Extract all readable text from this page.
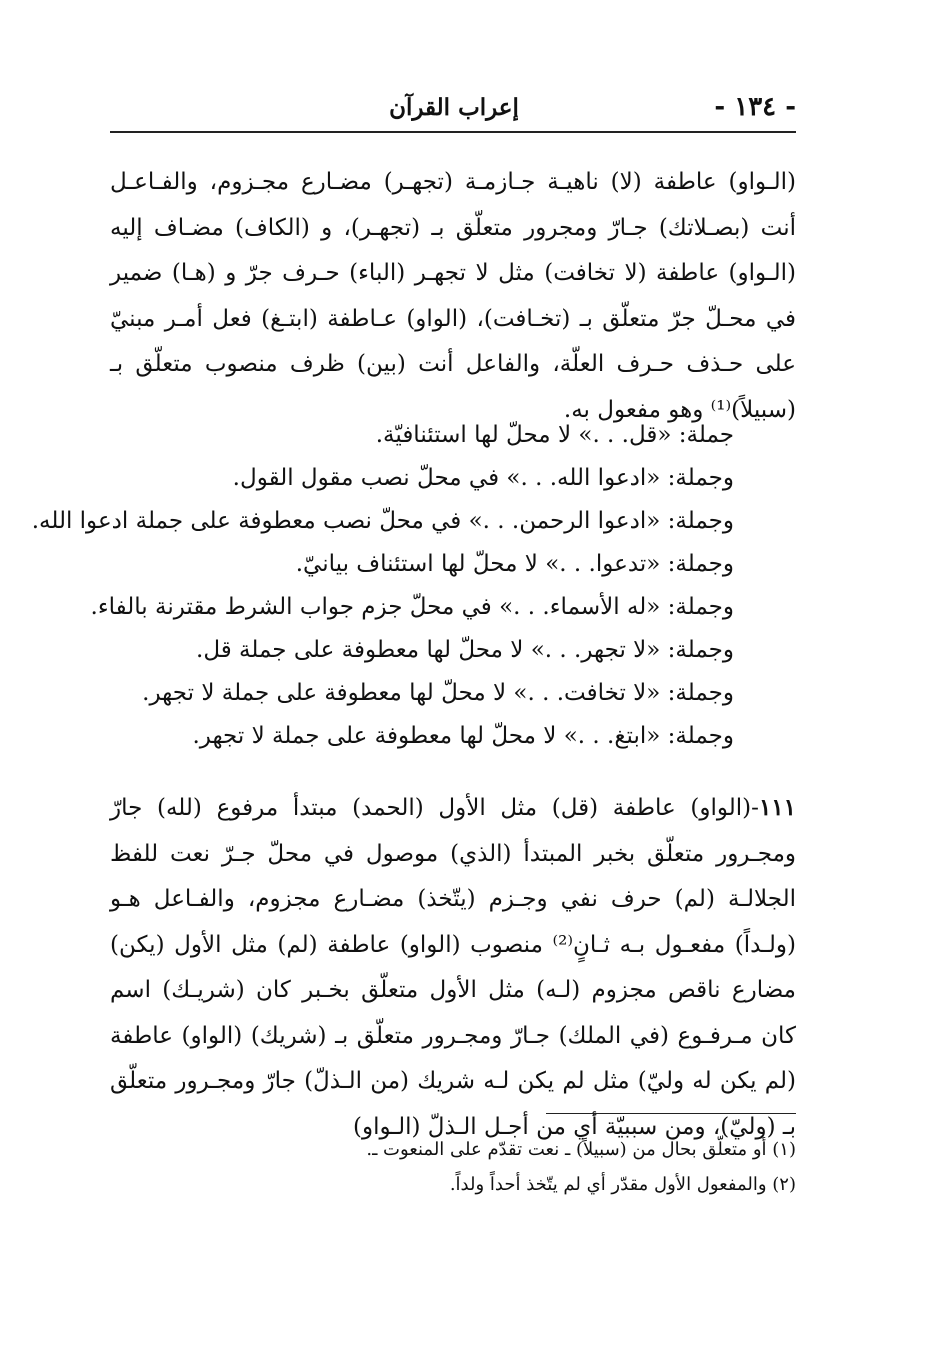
- ١٣٤ -
إعراب القرآن

(الـواو) عاطفة (لا) ناهيـة جـازمـة (تجهـر) مضـارع مجـزوم، والفـاعـل أنت (بصـلاتك) جـارّ ومجرور متعلّق بـ (تجهـر)، و (الكاف) مضـاف إليه (الـواو) عاطفة (لا تخافت) مثل لا تجهـر (الباء) حـرف جرّ و (هـا) ضمير في محـلّ جرّ متعلّق بـ (تخـافت)، (الواو) عـاطفة (ابتـغ) فعل أمـر مبنيّ على حـذف حـرف العلّة، والفاعل أنت (بين) ظرف منصوب متعلّق بـ (سبيلاً)⁽¹⁾ وهو مفعول به.

جملة: «قل. . .» لا محلّ لها استئنافيّة.

وجملة: «ادعوا الله. . .» في محلّ نصب مقول القول.

وجملة: «ادعوا الرحمن. . .» في محلّ نصب معطوفة على جملة ادعوا الله.

وجملة: «تدعوا. . .» لا محلّ لها استئناف بيانيّ.

وجملة: «له الأسماء. . .» في محلّ جزم جواب الشرط مقترنة بالفاء.

وجملة: «لا تجهر. . .» لا محلّ لها معطوفة على جملة قل.

وجملة: «لا تخافت. . .» لا محلّ لها معطوفة على جملة لا تجهر.

وجملة: «ابتغ. . .» لا محلّ لها معطوفة على جملة لا تجهر.

١١١-(الواو) عاطفة (قل) مثل الأول (الحمد) مبتدأ مرفوع (لله) جارّ ومجـرور متعلّق بخبر المبتدأ (الذي) موصول في محلّ جـرّ نعت للفظ الجلالـة (لم) حرف نفي وجـزم (يتّخذ) مضـارع مجزوم، والفـاعل هـو (ولـداً) مفعـول بـه ثـانٍ⁽²⁾ منصوب (الواو) عاطفة (لم) مثل الأول (يكن) مضارع ناقص مجزوم (لـه) مثل الأول متعلّق بخـبر كان (شريـك) اسم كان مـرفـوع (في الملك) جـارّ ومجـرور متعلّق بـ (شريك) (الواو) عاطفة (لم يكن له وليّ) مثل لم يكن لـه شريك (من الـذلّ) جارّ ومجـرور متعلّق بـ (وليّ)، ومن سببيّة أي من أجـل الـذلّ (الـواو)

(١) أو متعلّق بحال من (سبيلاً) ـ نعت تقدّم على المنعوت ـ.

(٢) والمفعول الأول مقدّر أي لم يتّخذ أحداً ولداً.
